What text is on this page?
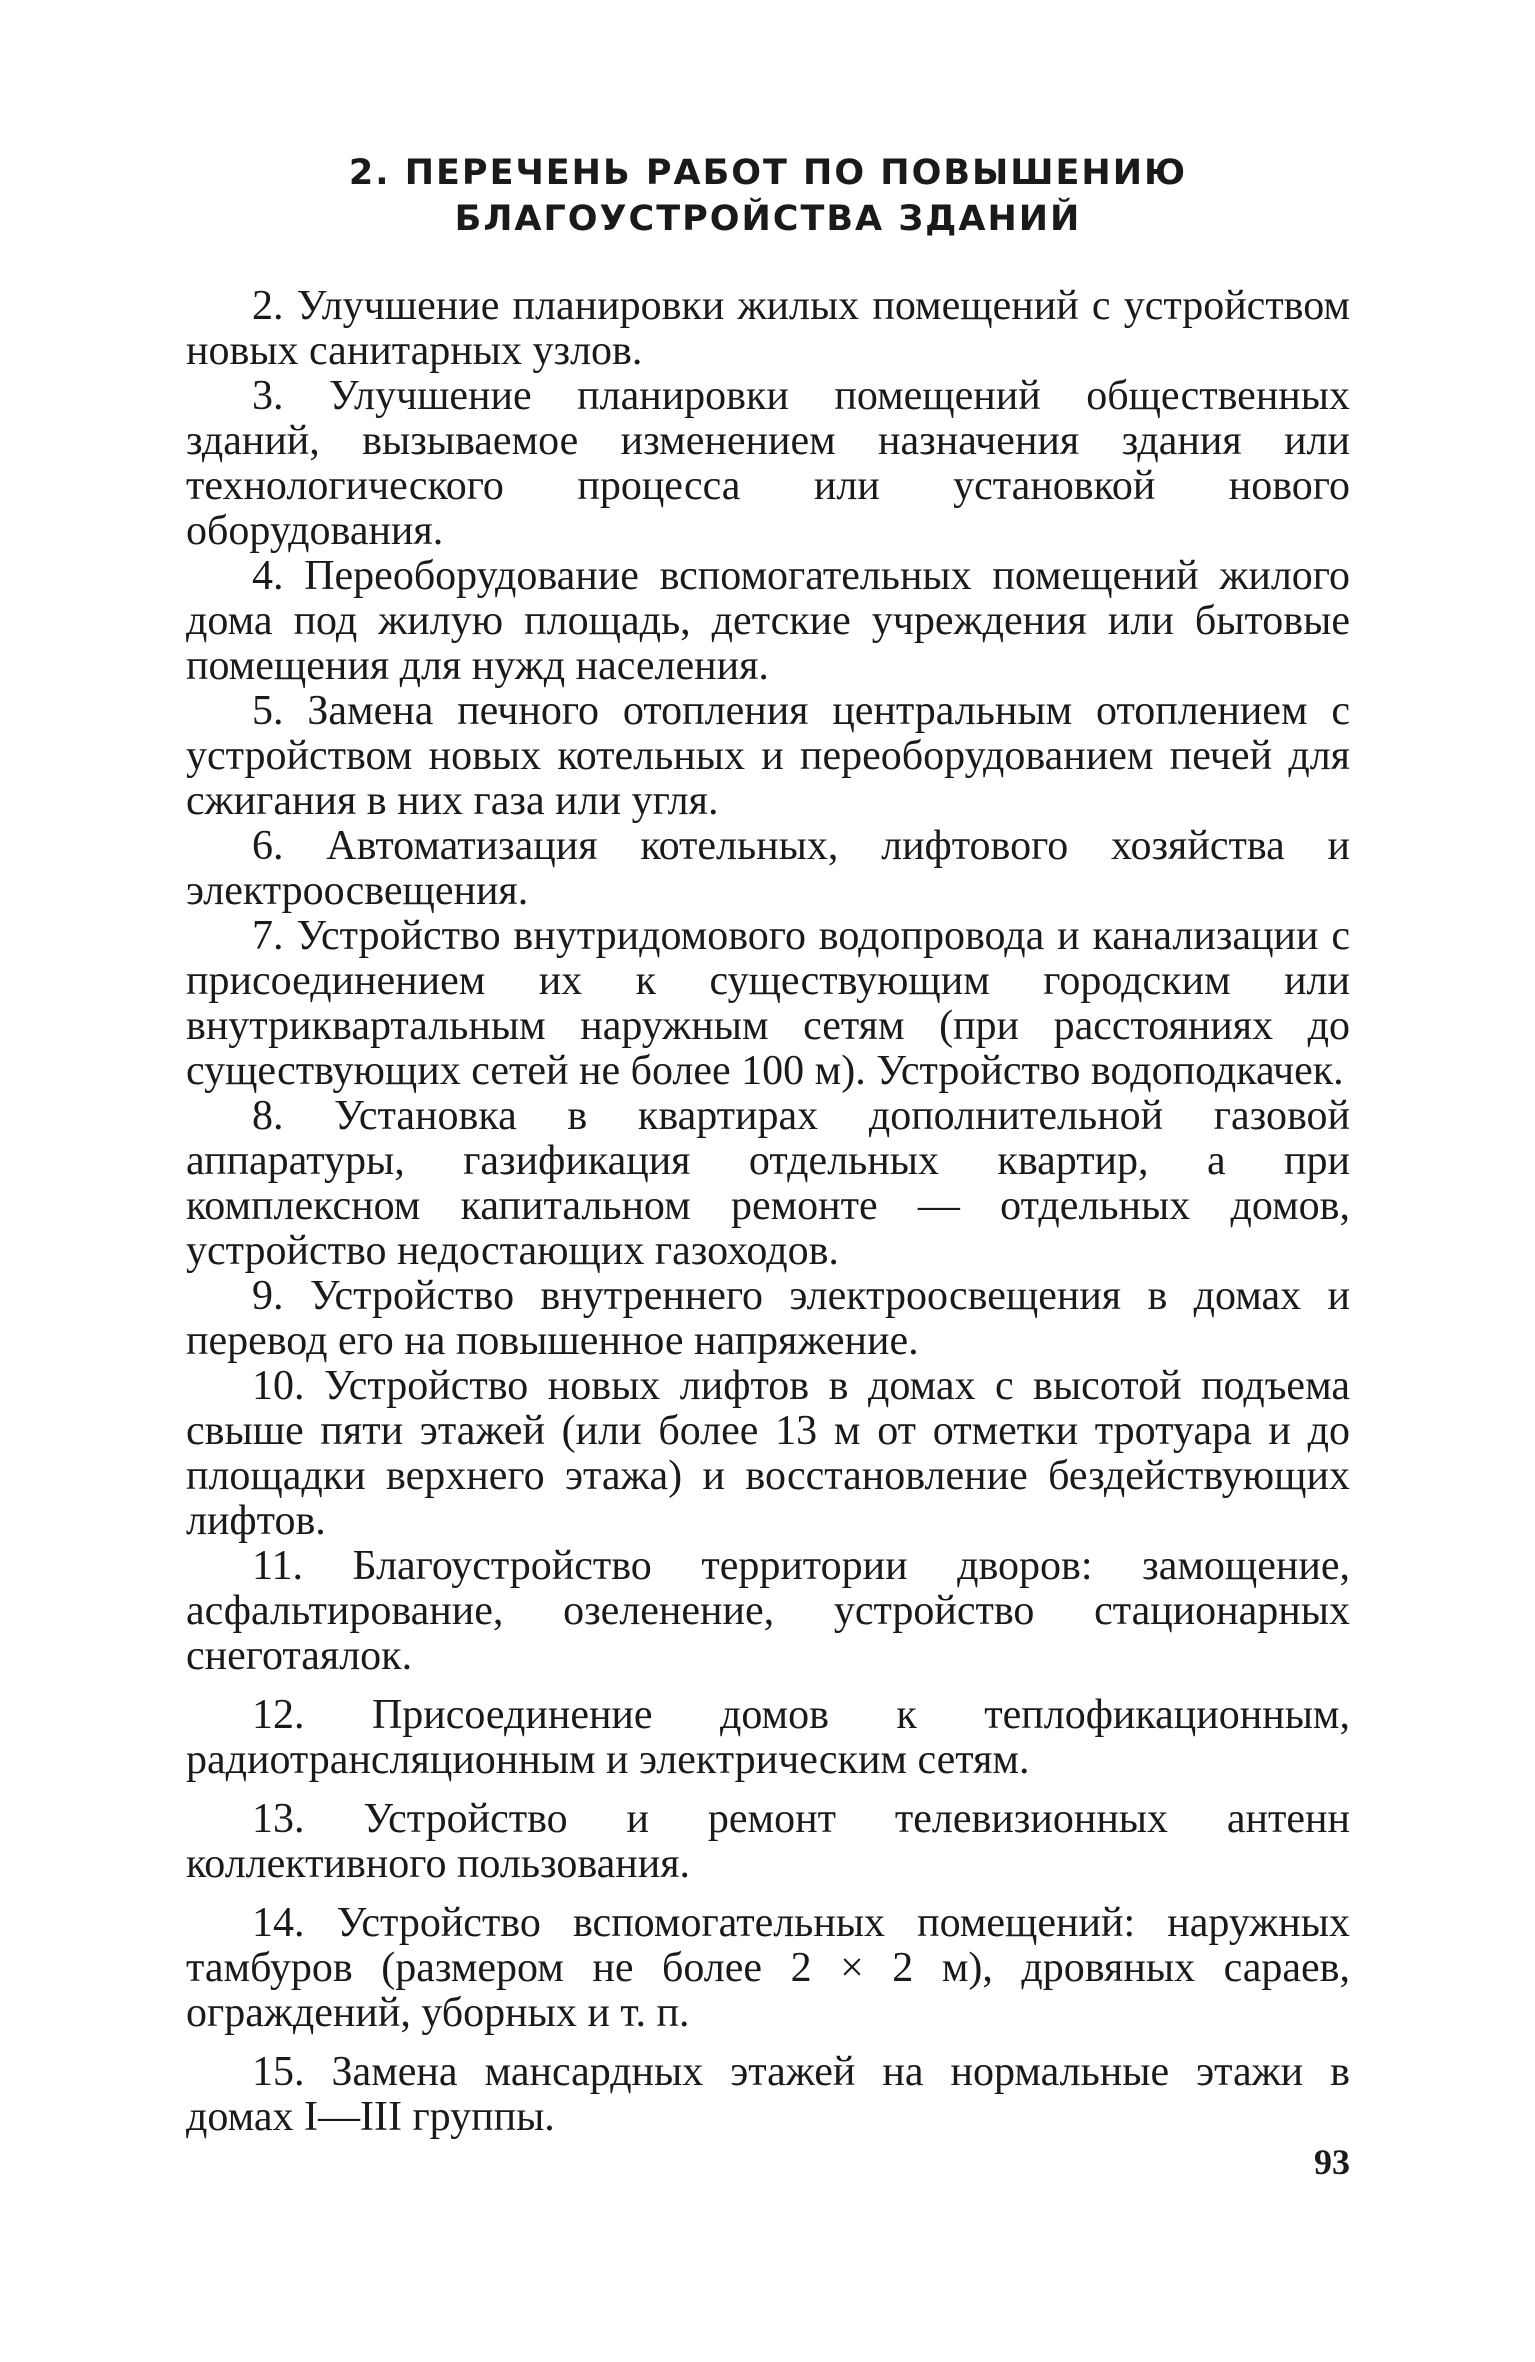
2. ПЕРЕЧЕНЬ РАБОТ ПО ПОВЫШЕНИЮ
БЛАГОУСТРОЙСТВА ЗДАНИЙ

2. Улучшение планировки жилых помещений с устройством новых санитарных узлов.

3. Улучшение планировки помещений общественных зданий, вызываемое изменением назначения здания или технологического процесса или установкой нового оборудования.

4. Переоборудование вспомогательных помещений жилого дома под жилую площадь, детские учреждения или бытовые помещения для нужд населения.

5. Замена печного отопления центральным отоплением с устройством новых котельных и переоборудованием печей для сжигания в них газа или угля.

6. Автоматизация котельных, лифтового хозяйства и электроосвещения.

7. Устройство внутридомового водопровода и канализации с присоединением их к существующим городским или внутриквартальным наружным сетям (при расстояниях до существующих сетей не более 100 м). Устройство водоподкачек.

8. Установка в квартирах дополнительной газовой аппаратуры, газификация отдельных квартир, а при комплексном капитальном ремонте — отдельных домов, устройство недостающих газоходов.

9. Устройство внутреннего электроосвещения в домах и перевод его на повышенное напряжение.

10. Устройство новых лифтов в домах с высотой подъема свыше пяти этажей (или более 13 м от отметки тротуара и до площадки верхнего этажа) и восстановление бездействующих лифтов.

11. Благоустройство территории дворов: замощение, асфальтирование, озеленение, устройство стационарных снеготаялок.

12. Присоединение домов к теплофикационным, радиотрансляционным и электрическим сетям.

13. Устройство и ремонт телевизионных антенн коллективного пользования.

14. Устройство вспомогательных помещений: наружных тамбуров (размером не более 2 × 2 м), дровяных сараев, ограждений, уборных и т. п.

15. Замена мансардных этажей на нормальные этажи в домах I—III группы.

93
